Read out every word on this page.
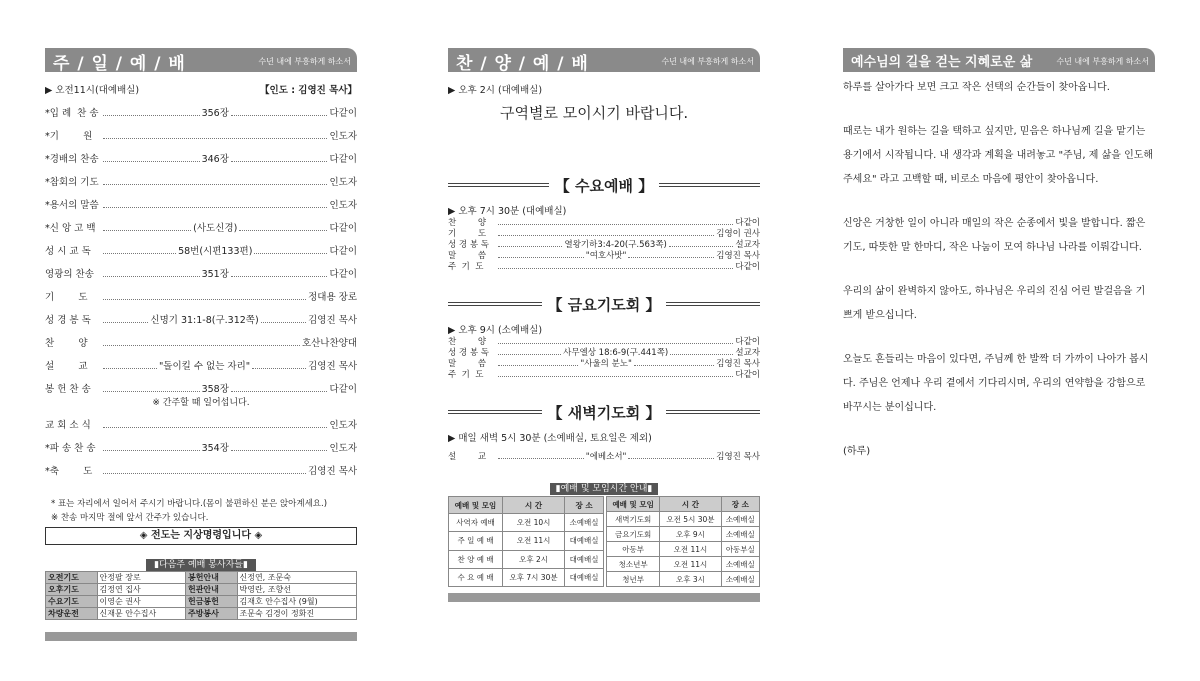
주 / 일 / 예 / 배	수년 내에 부흥하게 하소서
▶ 오전11시(대예배실)	【인도 : 김영진 목사】
*입 례  찬 송	356장	다같이
*기        원	인도자
*경배의 찬송	346장	다같이
*참회의 기도	인도자
*용서의 말씀	인도자
*신 앙 고 백	(사도신경)	다같이
성 시 교 독	58번(시편133편)	다같이
영광의 찬송	351장	다같이
기        도	정대용 장로
성 경 봉 독	신명기 31:1-8(구.312쪽)	김영진 목사
찬        양	호산나찬양대
설        교	"돌이킬 수 없는 자리"	김영진 목사
봉 헌 찬 송	358장	다같이
※ 간주할 때 일어섭니다.
교 회 소 식	인도자
*파 송 찬 송	354장	인도자
*축        도	김영진 목사
* 표는 자리에서 일어서 주시기 바랍니다.(몸이 불편하신 분은 앉아계세요.)
※ 찬송 마지막 절에 앞서 간주가 있습니다.
◈ 전도는 지상명령입니다 ◈
▮다음주 예배 봉사자들▮
오전기도	안정팔 장로	봉헌안내	신정연, 조문숙
오후기도	김정연 집사	헌관안내	박영란, 조향선
수요기도	이영순 권사	헌금봉헌	김재호 안수집사 (9월)
차량운전	신재문 안수집사	주방봉사	조문숙 김경이 정화진
찬 / 양 / 예 / 배	수년 내에 부흥하게 하소서
▶ 오후 2시 (대예배실)
구역별로 모이시기 바랍니다.
【 수요예배 】
▶ 오후 7시 30분 (대예배실)
찬        양	다같이
기        도	김영이 권사
성 경 봉 독	열왕기하3:4-20(구.563쪽)	설교자
말        씀	"여호사밧"	김영진 목사
주  기  도	다같이
【 금요기도회 】
▶ 오후 9시 (소예배실)
찬        양	다같이
성 경 봉 독	사무엘상 18:6-9(구.441쪽)	설교자
말        씀	"사울의 분노"	김영진 목사
주  기  도	다같이
【 새벽기도회 】
▶ 매일 새벽 5시 30분 (소예배실, 토요일은 제외)
설        교	"에베소서"	김영진 목사
▮예배 및 모임시간 안내▮
예배 및 모임	시 간	장 소
사역자 예배	오전 10시	소예배실
주 일 예 배	오전 11시	대예배실
찬 양 예 배	오후 2시	대예배실
수 요 예 배	오후 7시 30분	대예배실
예배 및 모임	시 간	장 소
새벽기도회	오전 5시 30분	소예배실
금요기도회	오후 9시	소예배실
아동부	오전 11시	아동부실
청소년부	오전 11시	소예배실
청년부	오후 3시	소예배실
예수님의 길을 걷는 지혜로운 삶	수년 내에 부흥하게 하소서
하루를 살아가다 보면 크고 작은 선택의 순간들이 찾아옵니다.
때로는 내가 원하는 길을 택하고 싶지만, 믿음은 하나님께 길을 맡기는
용기에서 시작됩니다. 내 생각과 계획을 내려놓고 "주님, 제 삶을 인도해
주세요" 라고 고백할 때, 비로소 마음에 평안이 찾아옵니다.
신앙은 거창한 일이 아니라 매일의 작은 순종에서 빛을 발합니다. 짧은
기도, 따뜻한 말 한마디, 작은 나눔이 모여 하나님 나라를 이뤄갑니다.
우리의 삶이 완벽하지 않아도, 하나님은 우리의 진심 어린 발걸음을 기
쁘게 받으십니다.
오늘도 흔들리는 마음이 있다면, 주님께 한 발짝 더 가까이 나아가 봅시
다. 주님은 언제나 우리 곁에서 기다리시며, 우리의 연약함을 강함으로
바꾸시는 분이십니다.
(하루)
